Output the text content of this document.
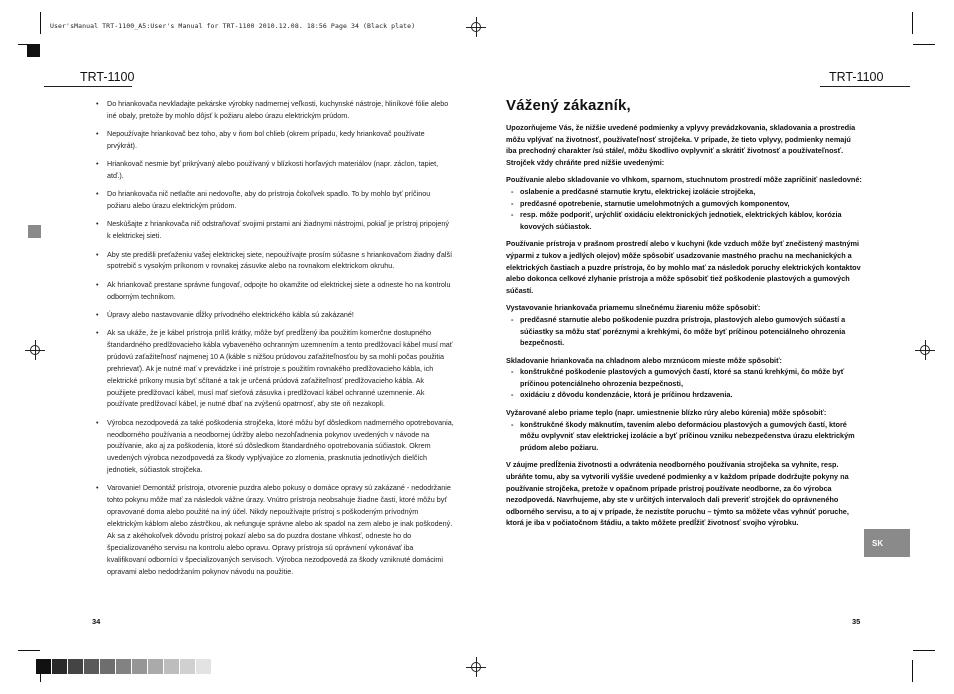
User'sManual TRT-1100_A5:User's Manual for TRT-1100 2010.12.08. 18:56 Page 34 (Black plate)
TRT-1100	TRT-1100
• Do hriankovača nevkladajte pekárske výrobky nadmernej veľkosti, kuchynské nástroje, hliníkové fólie alebo iné obaly, pretože by mohlo dôjsť k požiaru alebo úrazu elektrickým prúdom.
• Nepoužívajte hriankovač bez toho, aby v ňom bol chlieb (okrem prípadu, kedy hriankovač používate prvýkrát).
• Hriankovač nesmie byť prikrývaný alebo používaný v blízkosti horľavých materiálov (napr. záclon, tapiet, atď.).
• Do hriankovača nič netlačte ani nedovoľte, aby do prístroja čokoľvek spadlo. To by mohlo byť príčinou požiaru alebo úrazu elektrickým prúdom.
• Neskúšajte z hriankovača nič odstraňovať svojimi prstami ani žiadnymi nástrojmi, pokiaľ je prístroj pripojený k elektrickej sieti.
• Aby ste predišli preťaženiu vašej elektrickej siete, nepoužívajte prosím súčasne s hriankovačom žiadny ďalší spotrebič s vysokým príkonom v rovnakej zásuvke alebo na rovnakom elektrickom okruhu.
• Ak hriankovač prestane správne fungovať, odpojte ho okamžite od elektrickej siete a odneste ho na kontrolu odborným technikom.
• Úpravy alebo nastavovanie dĺžky prívodného elektrického kábla sú zakázané!
• Ak sa ukáže, že je kábel prístroja príliš krátky, môže byť predĺžený iba použitím komerčne dostupného štandardného predlžovacieho kábla vybaveného ochranným uzemnením a tento predlžovací kábel musí mať prúdovú zaťažiteľnosť najmenej 10 A (káble s nižšou prúdovou zaťažiteľnosťou by sa mohli počas použitia prehrievať). Ak je nutné mať v prevádzke i iné prístroje s použitím rovnakého predlžovacieho kábla, ich elektrické príkony musia byť sčítané a tak je určená prúdová zaťažiteľnosť predlžovacieho kábla. Ak použijete predlžovací kábel, musí mať sieťová zásuvka i predlžovací kábel ochranné uzemnenie. Ak používate predlžovací kábel, je nutné dbať na zvýšenú opatrnosť, aby ste oň nezakopli.
• Výrobca nezodpovedá za také poškodenia strojčeka, ktoré môžu byť dôsledkom nadmerného opotrebovania, neodborného používania a neodbornej údržby alebo nezohľadnenia pokynov uvedených v návode na používanie, ako aj za poškodenia, ktoré sú dôsledkom štandardného opotrebovania súčiastok. Okrem uvedených výrobca nezodpovedá za škody vyplývajúce zo zlomenia, prasknutia jednotlivých dielčích jednotiek, súčiastok strojčeka.
• Varovanie! Demontáž prístroja, otvorenie puzdra alebo pokusy o domáce opravy sú zakázané - nedodržanie tohto pokynu môže mať za následok vážne úrazy. Vnútro prístroja neobsahuje žiadne časti, ktoré môžu byť opravované doma alebo použité na iný účel. Nikdy nepoužívajte prístroj s poškodeným prívodným elektrickým káblom alebo zástrčkou, ak nefunguje správne alebo ak spadol na zem alebo je inak poškodený. Ak sa z akéhokoľvek dôvodu prístroj pokazí alebo sa do puzdra dostane vlhkosť, odneste ho do špecializovaného servisu na kontrolu alebo opravu. Opravy prístroja sú oprávnení vykonávať iba kvalifikovaní odborníci v špecializovaných servisoch. Výrobca nezodpovedá za škody vzniknuté domácimi opravami alebo nedodržaním pokynov návodu na použitie.
34
Vážený zákazník,

Upozorňujeme Vás, že nižšie uvedené podmienky a vplyvy prevádzkovania, skladovania a prostredia môžu vplývať na životnosť, používateľnosť strojčeka. V prípade, že tieto vplyvy, podmienky nemajú iba prechodný charakter /sú stále/, môžu škodlivo ovplyvniť a skrátiť životnosť a používateľnosť. Strojček vždy chráňte pred nižšie uvedenými:

Používanie alebo skladovanie vo vlhkom, sparnom, stuchnutom prostredí môže zapríčiniť nasledovné:
- oslabenie a predčasné starnutie krytu, elektrickej izolácie strojčeka,
- predčasné opotrebenie, starnutie umelohmotných a gumových komponentov,
- resp. môže podporiť, urýchliť oxidáciu elektronických jednotiek, elektrických káblov, korózia kovových súčiastok.
Používanie prístroja v prašnom prostredí alebo v kuchyni (kde vzduch môže byť znečistený mastnými výparmi z tukov a jedlých olejov) môže spôsobiť usadzovanie mastného prachu na mechanických a elektrických častiach a puzdre prístroja, čo by mohlo mať za následok poruchy elektrických kontaktov alebo dokonca celkové zlyhanie prístroja a môže spôsobiť tiež poškodenie plastových a gumových súčastí.
Vystavovanie hriankovača priamemu slnečnému žiareniu môže spôsobiť:
- predčasné starnutie alebo poškodenie puzdra prístroja, plastových alebo gumových súčastí a súčiastky sa môžu stať poréznymi a krehkými, čo môže byť príčinou potenciálneho ohrozenia bezpečnosti.
Skladovanie hriankovača na chladnom alebo mrznúcom mieste môže spôsobiť:
- konštrukčné poškodenie plastových a gumových častí, ktoré sa stanú krehkými, čo môže byť príčinou potenciálneho ohrozenia bezpečnosti,
- oxidáciu z dôvodu kondenzácie, ktorá je príčinou hrdzavenia.
Vyžarované alebo priame teplo (napr. umiestnenie blízko rúry alebo kúrenia) môže spôsobiť:
- konštrukčné škody mäknutím, tavením alebo deformáciou plastových a gumových častí, ktoré môžu ovplyvniť stav elektrickej izolácie a byť príčinou vzniku nebezpečenstva úrazu elektrickým prúdom alebo požiaru.

V záujme predĺženia životnosti a odvrátenia neodborného používania strojčeka sa vyhnite, resp. ubráňte tomu, aby sa vytvorili vyššie uvedené podmienky a v každom prípade dodržujte pokyny na používanie strojčeka, pretože v opačnom prípade prístroj používate neodborne, za čo výrobca nezodpovedá. Navrhujeme, aby ste v určitých intervaloch dali preveriť strojček do oprávneného odborného servisu, a to aj v prípade, že nezistíte poruchu – týmto sa môžete včas vyhnúť poruche, ktorá je iba v počiatočnom štádiu, a takto môžete predĺžiť životnosť svojho výrobku.

SK
35
